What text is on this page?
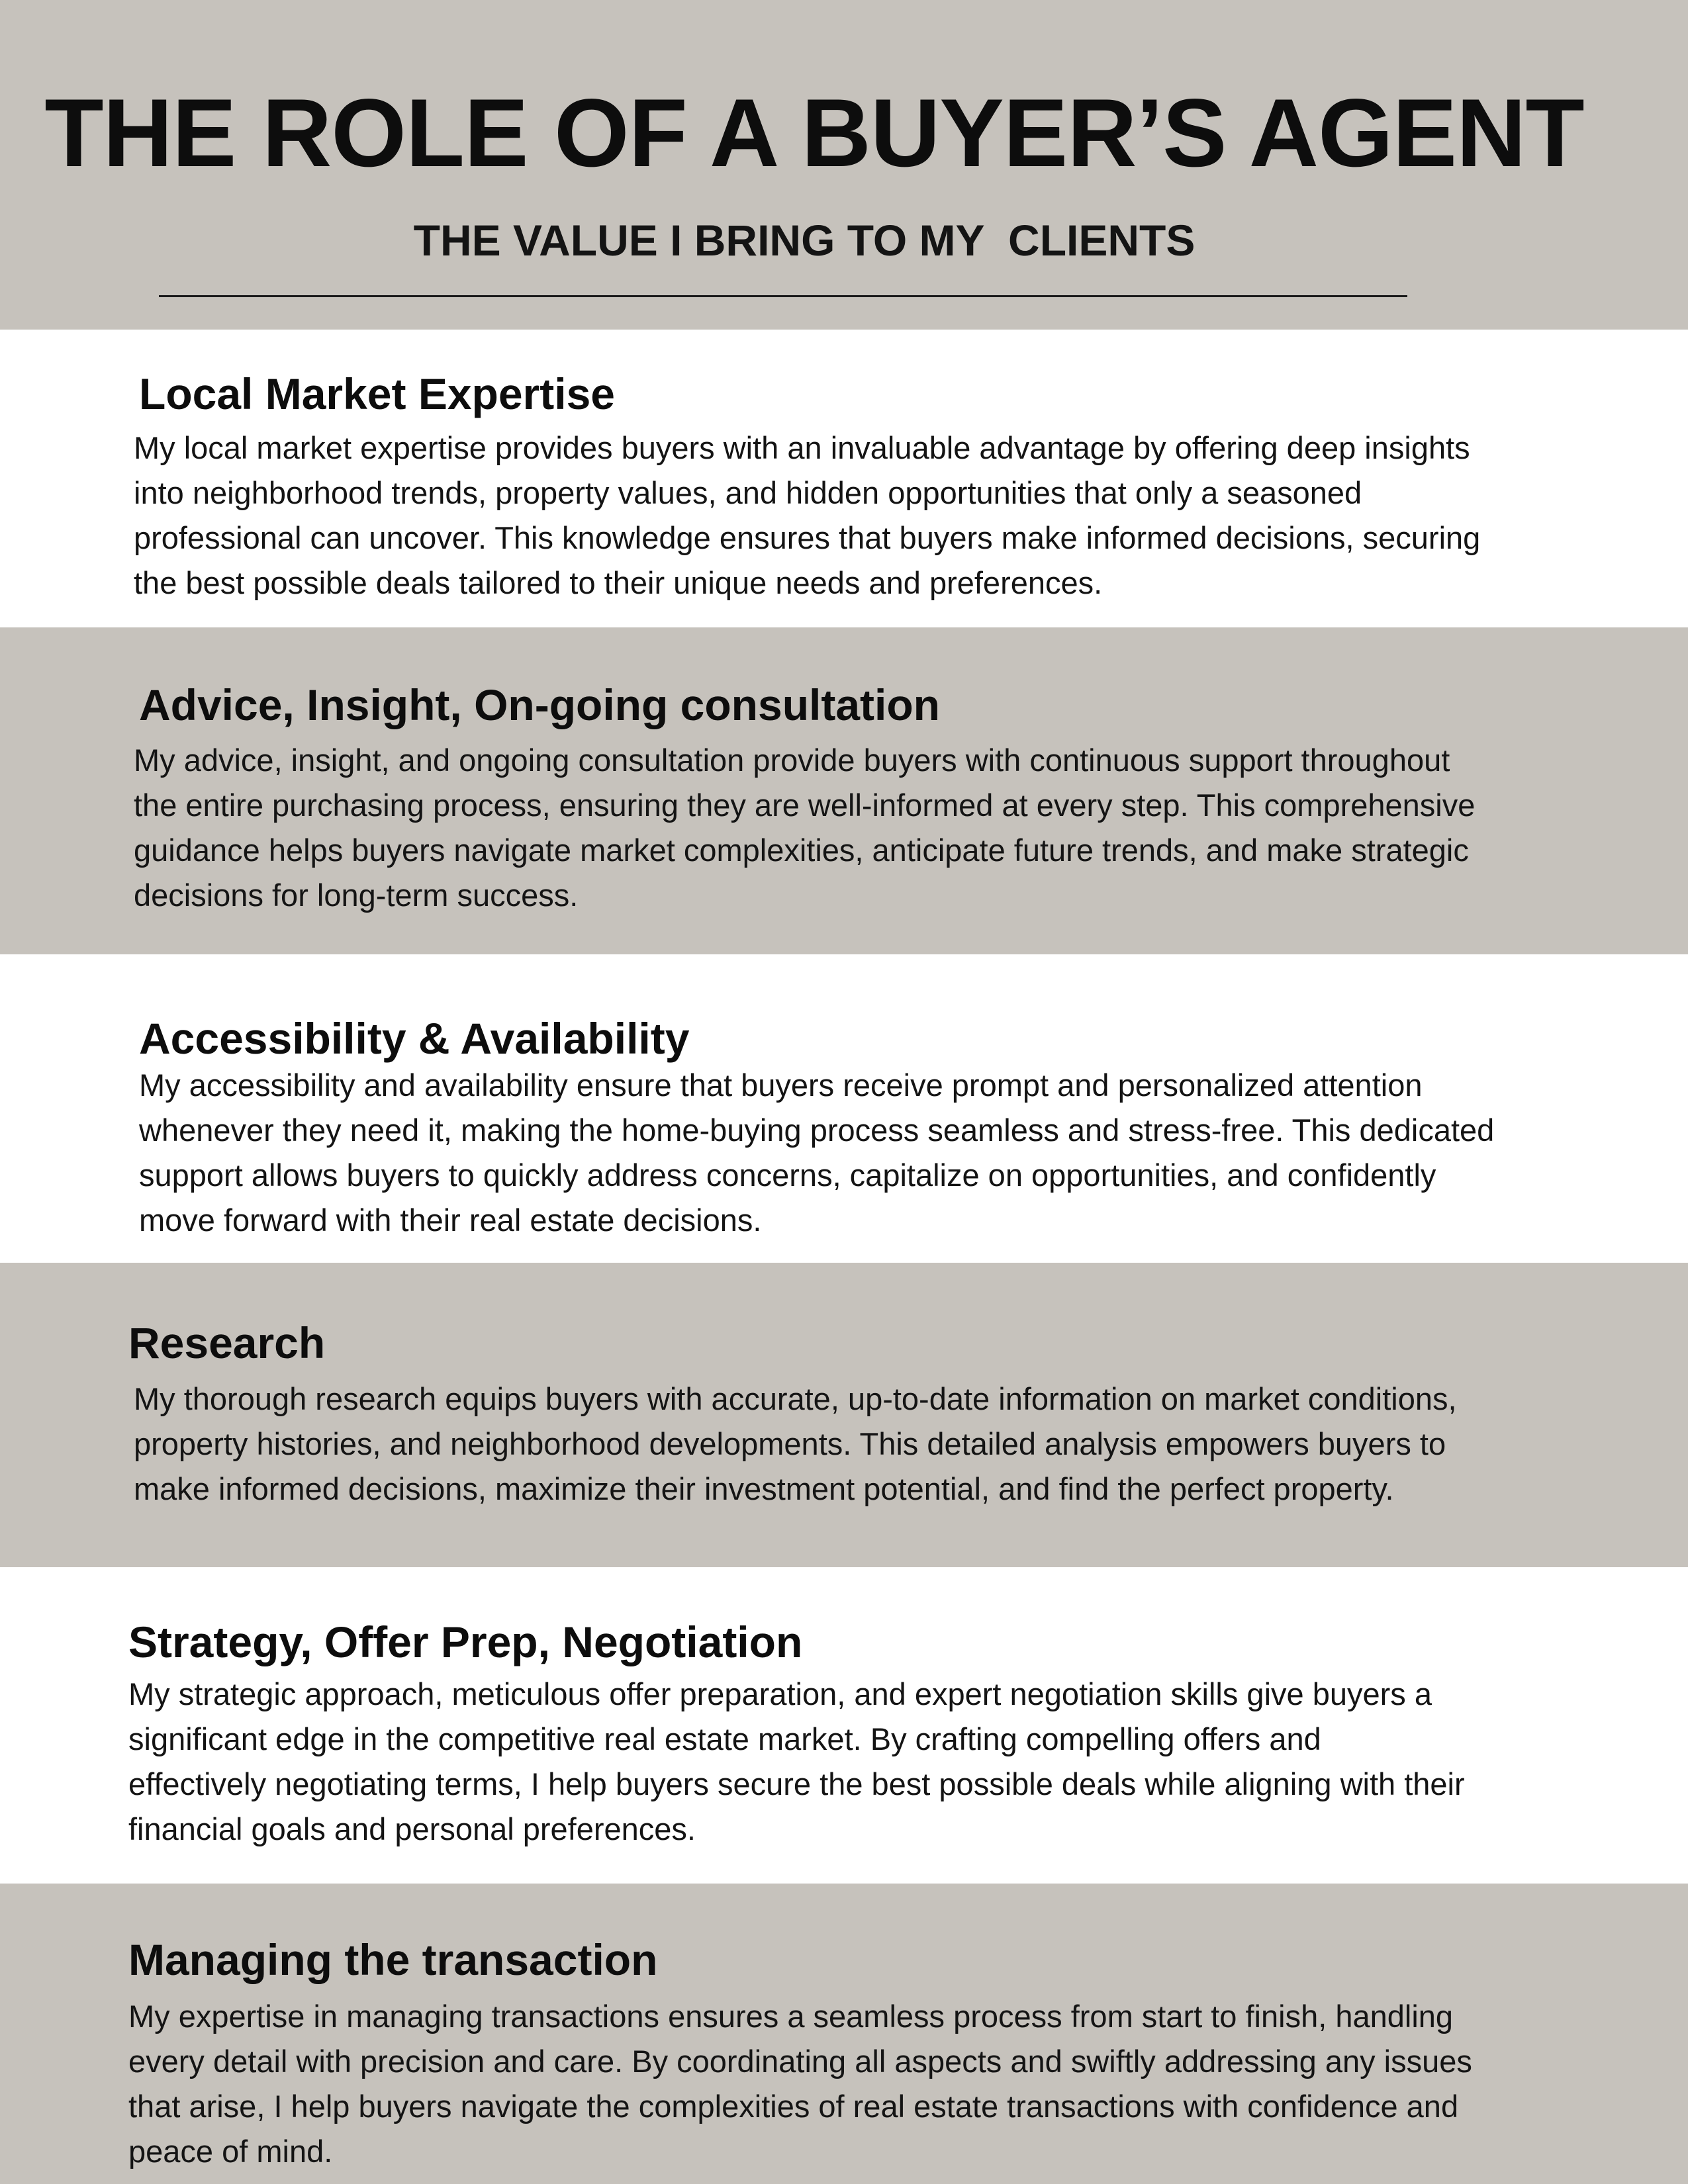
THE ROLE OF A BUYER’S AGENT
THE VALUE I BRING TO MY  CLIENTS
Local Market Expertise

My local market expertise provides buyers with an invaluable advantage by offering deep insights
into neighborhood trends, property values, and hidden opportunities that only a seasoned
professional can uncover. This knowledge ensures that buyers make informed decisions, securing
the best possible deals tailored to their unique needs and preferences.

Advice, Insight, On-going consultation

My advice, insight, and ongoing consultation provide buyers with continuous support throughout
the entire purchasing process, ensuring they are well-informed at every step. This comprehensive
guidance helps buyers navigate market complexities, anticipate future trends, and make strategic
decisions for long-term success.

Accessibility & Availability

My accessibility and availability ensure that buyers receive prompt and personalized attention
whenever they need it, making the home-buying process seamless and stress-free. This dedicated
support allows buyers to quickly address concerns, capitalize on opportunities, and confidently
move forward with their real estate decisions.

Research

My thorough research equips buyers with accurate, up-to-date information on market conditions,
property histories, and neighborhood developments. This detailed analysis empowers buyers to
make informed decisions, maximize their investment potential, and find the perfect property.

Strategy, Offer Prep, Negotiation

My strategic approach, meticulous offer preparation, and expert negotiation skills give buyers a
significant edge in the competitive real estate market. By crafting compelling offers and
effectively negotiating terms, I help buyers secure the best possible deals while aligning with their
financial goals and personal preferences.

Managing the transaction

My expertise in managing transactions ensures a seamless process from start to finish, handling
every detail with precision and care. By coordinating all aspects and swiftly addressing any issues
that arise, I help buyers navigate the complexities of real estate transactions with confidence and
peace of mind.
